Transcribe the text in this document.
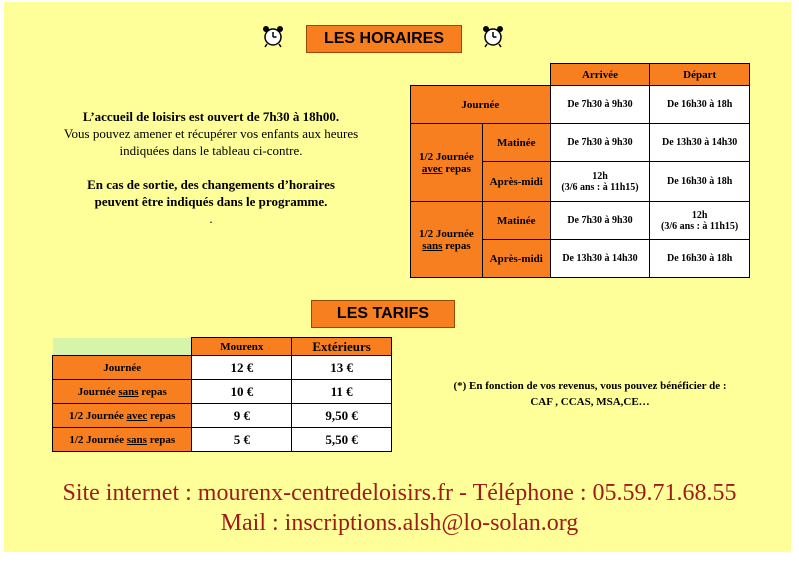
LES HORAIRES

L’accueil de loisirs est ouvert de 7h30 à 18h00.

Vous pouvez amener et récupérer vos enfants aux heures

indiquées dans le tableau ci-contre.

En cas de sortie, des changements d’horaires

peuvent être indiqués dans le programme.

.

		Arrivée	Départ
Journée		De 7h30 à 9h30	De 16h30 à 18h
1/2 Journée
avec repas	Matinée	De 7h30 à 9h30	De 13h30 à 14h30
	Après-midi	12h
(3/6 ans : à 11h15)	De 16h30 à 18h
1/2 Journée
sans repas	Matinée	De 7h30 à 9h30	12h
(3/6 ans : à 11h15)
	Après-midi	De 13h30 à 14h30	De 16h30 à 18h
LES TARIFS
	Mourenx	Extérieurs
Journée	12 €	13 €
Journée sans repas	10 €	11 €
1/2 Journée avec repas	9 €	9,50 €
1/2 Journée sans repas	5 €	5,50 €
(*) En fonction de vos revenus, vous pouvez bénéficier de :
CAF , CCAS, MSA,CE…
Site internet : mourenx-centredeloisirs.fr - Téléphone : 05.59.71.68.55
Mail : inscriptions.alsh@lo-solan.org
